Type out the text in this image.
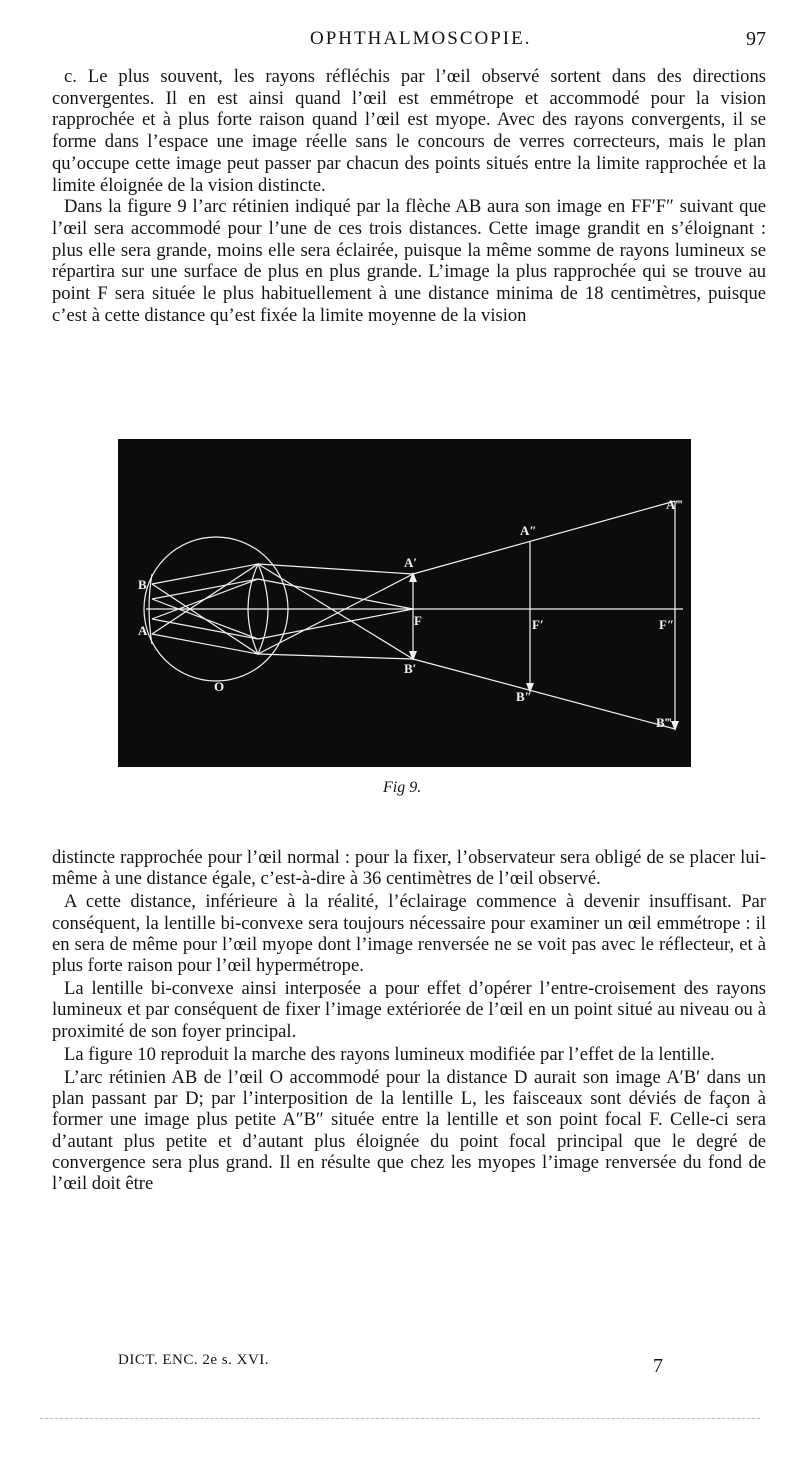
OPHTHALMOSCOPIE.	97

c. Le plus souvent, les rayons réfléchis par l’œil observé sortent dans des directions convergentes. Il en est ainsi quand l’œil est emmétrope et accommodé pour la vision rapprochée et à plus forte raison quand l’œil est myope. Avec des rayons convergents, il se forme dans l’espace une image réelle sans le concours de verres correcteurs, mais le plan qu’occupe cette image peut passer par chacun des points situés entre la limite rapprochée et la limite éloignée de la vision distincte.

Dans la figure 9 l’arc rétinien indiqué par la flèche AB aura son image en FF′F″ suivant que l’œil sera accommodé pour l’une de ces trois distances. Cette image grandit en s’éloignant : plus elle sera grande, moins elle sera éclairée, puisque la même somme de rayons lumineux se répartira sur une surface de plus en plus grande. L’image la plus rapprochée qui se trouve au point F sera située le plus habituellement à une distance minima de 18 centimètres, puisque c’est à cette distance qu’est fixée la limite moyenne de la vision

B
A
O
A′
F
B′
A″
F′
B″
A‴
F″
B‴
Fig 9.

distincte rapprochée pour l’œil normal : pour la fixer, l’observateur sera obligé de se placer lui-même à une distance égale, c’est-à-dire à 36 centimètres de l’œil observé.

A cette distance, inférieure à la réalité, l’éclairage commence à devenir insuffisant. Par conséquent, la lentille bi-convexe sera toujours nécessaire pour examiner un œil emmétrope : il en sera de même pour l’œil myope dont l’image renversée ne se voit pas avec le réflecteur, et à plus forte raison pour l’œil hypermétrope.

La lentille bi-convexe ainsi interposée a pour effet d’opérer l’entre-croisement des rayons lumineux et par conséquent de fixer l’image extériorée de l’œil en un point situé au niveau ou à proximité de son foyer principal.

La figure 10 reproduit la marche des rayons lumineux modifiée par l’effet de la lentille.

L’arc rétinien AB de l’œil O accommodé pour la distance D aurait son image A′B′ dans un plan passant par D; par l’interposition de la lentille L, les faisceaux sont déviés de façon à former une image plus petite A″B″ située entre la lentille et son point focal F. Celle-ci sera d’autant plus petite et d’autant plus éloignée du point focal principal que le degré de convergence sera plus grand. Il en résulte que chez les myopes l’image renversée du fond de l’œil doit être

DICT. ENC. 2e s. XVI.	7
